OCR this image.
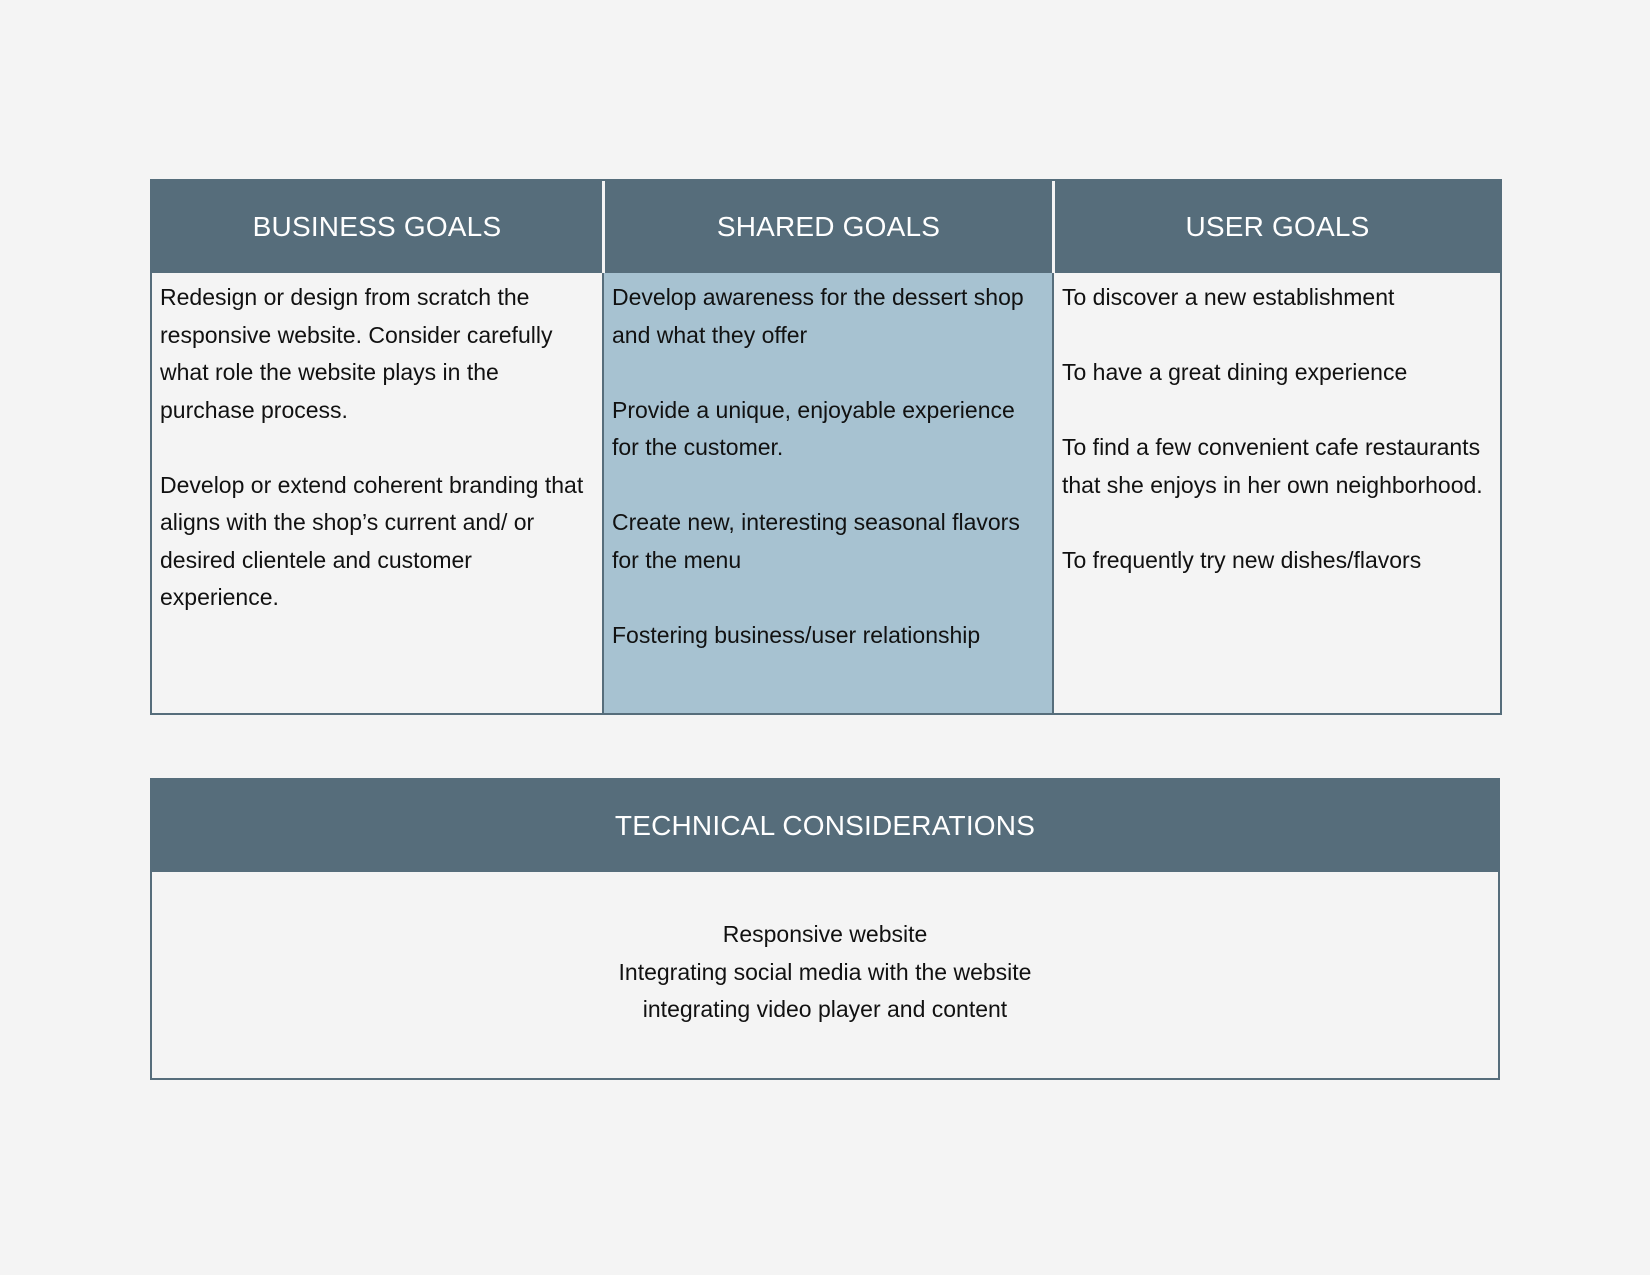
BUSINESS GOALS	SHARED GOALS	USER GOALS

Redesign or design from scratch the responsive website. Consider carefully what role the website plays in the purchase process.

Develop or extend coherent branding that aligns with the shop’s current and/ or desired clientele and customer experience.

Develop awareness for the dessert shop and what they offer

Provide a unique, enjoyable experience for the customer.

Create new, interesting seasonal flavors for the menu

Fostering business/user relationship

To discover a new establishment

To have a great dining experience

To find a few convenient cafe restaurants that she enjoys in her own neighborhood.

To frequently try new dishes/flavors

TECHNICAL CONSIDERATIONS
Responsive website
Integrating social media with the website
integrating video player and content
